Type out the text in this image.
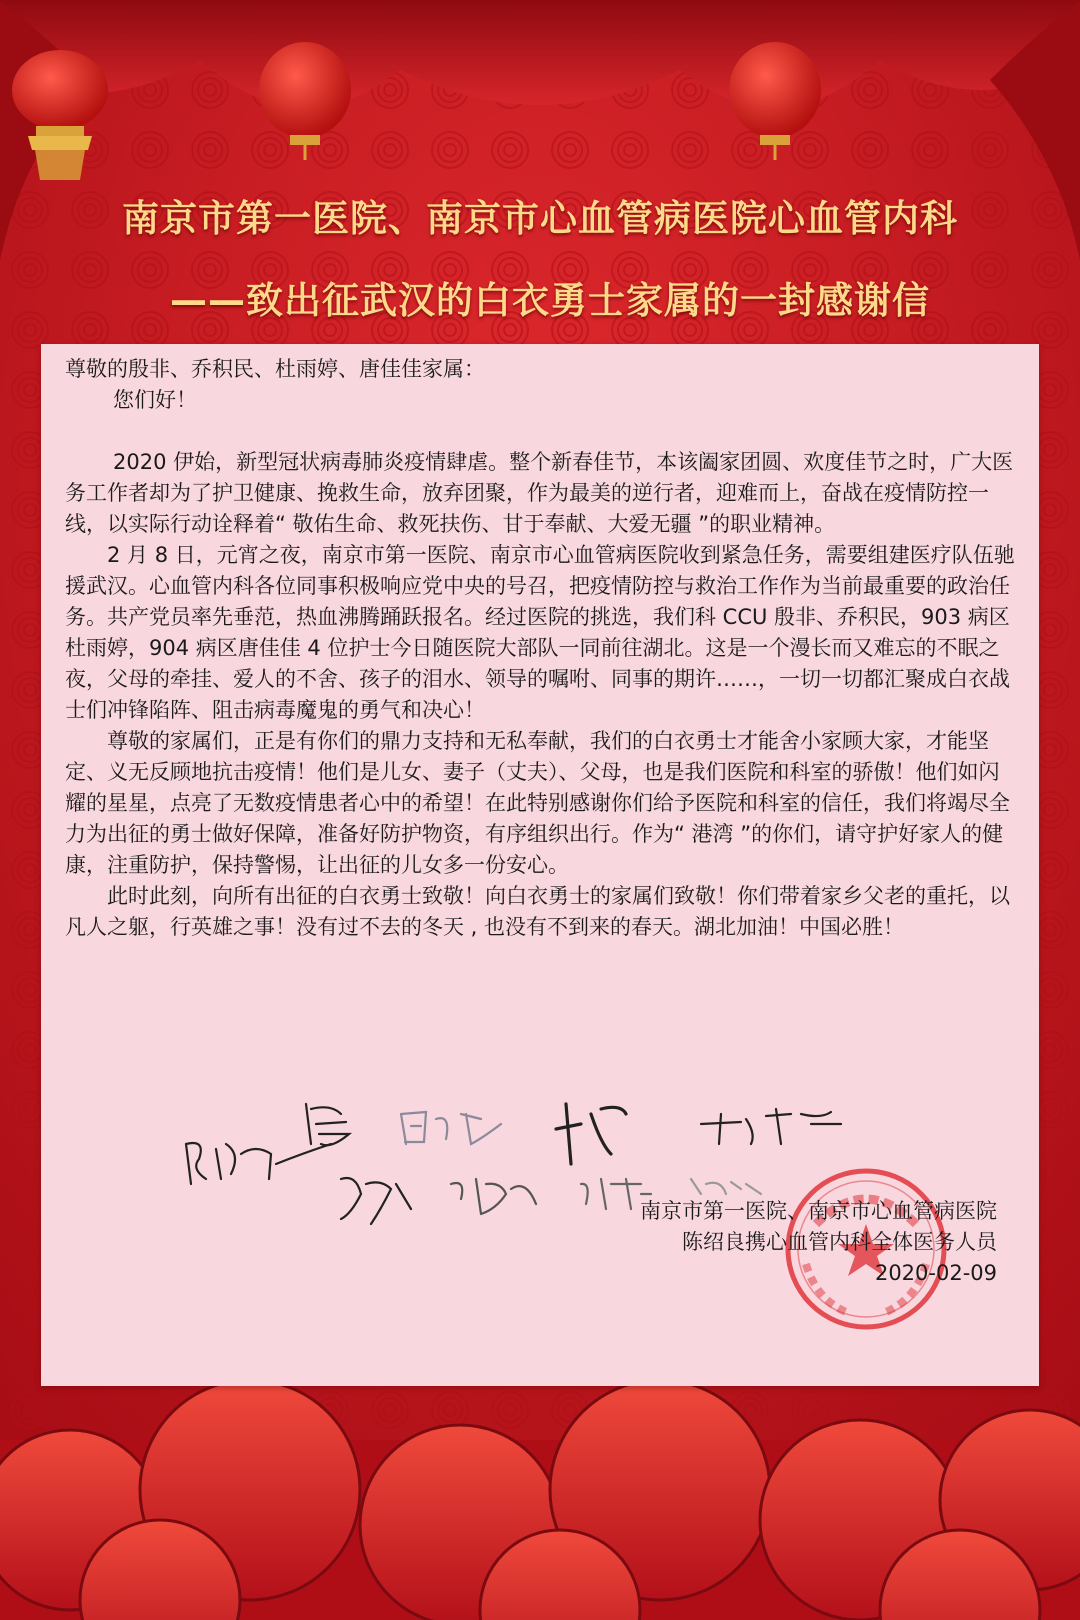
南京市第一医院、南京市心血管病医院心血管内科
——致出征武汉的白衣勇士家属的一封感谢信

尊敬的殷非、乔积民、杜雨婷、唐佳佳家属：

您们好！

2020 伊始，新型冠状病毒肺炎疫情肆虐。整个新春佳节，本该阖家团圆、欢度佳节之时，广大医务工作者却为了护卫健康、挽救生命，放弃团聚，作为最美的逆行者，迎难而上，奋战在疫情防控一线，以实际行动诠释着“ 敬佑生命、救死扶伤、甘于奉献、大爱无疆 ”的职业精神。

2 月 8 日，元宵之夜，南京市第一医院、南京市心血管病医院收到紧急任务，需要组建医疗队伍驰援武汉。心血管内科各位同事积极响应党中央的号召，把疫情防控与救治工作作为当前最重要的政治任务。共产党员率先垂范，热血沸腾踊跃报名。经过医院的挑选，我们科 CCU 殷非、乔积民，903 病区杜雨婷，904 病区唐佳佳 4 位护士今日随医院大部队一同前往湖北。这是一个漫长而又难忘的不眠之夜，父母的牵挂、爱人的不舍、孩子的泪水、领导的嘱咐、同事的期许……，一切一切都汇聚成白衣战士们冲锋陷阵、阻击病毒魔鬼的勇气和决心！

尊敬的家属们，正是有你们的鼎力支持和无私奉献，我们的白衣勇士才能舍小家顾大家，才能坚定、义无反顾地抗击疫情！他们是儿女、妻子（丈夫）、父母，也是我们医院和科室的骄傲！他们如闪耀的星星，点亮了无数疫情患者心中的希望！在此特别感谢你们给予医院和科室的信任，我们将竭尽全力为出征的勇士做好保障，准备好防护物资，有序组织出行。作为“ 港湾 ”的你们，请守护好家人的健康，注重防护，保持警惕，让出征的儿女多一份安心。

此时此刻，向所有出征的白衣勇士致敬！向白衣勇士的家属们致敬！你们带着家乡父老的重托，以凡人之躯，行英雄之事！没有过不去的冬天 , 也没有不到来的春天。湖北加油！中国必胜！

南京市第一医院、南京市心血管病医院
陈绍良携心血管内科全体医务人员
2020-02-09
